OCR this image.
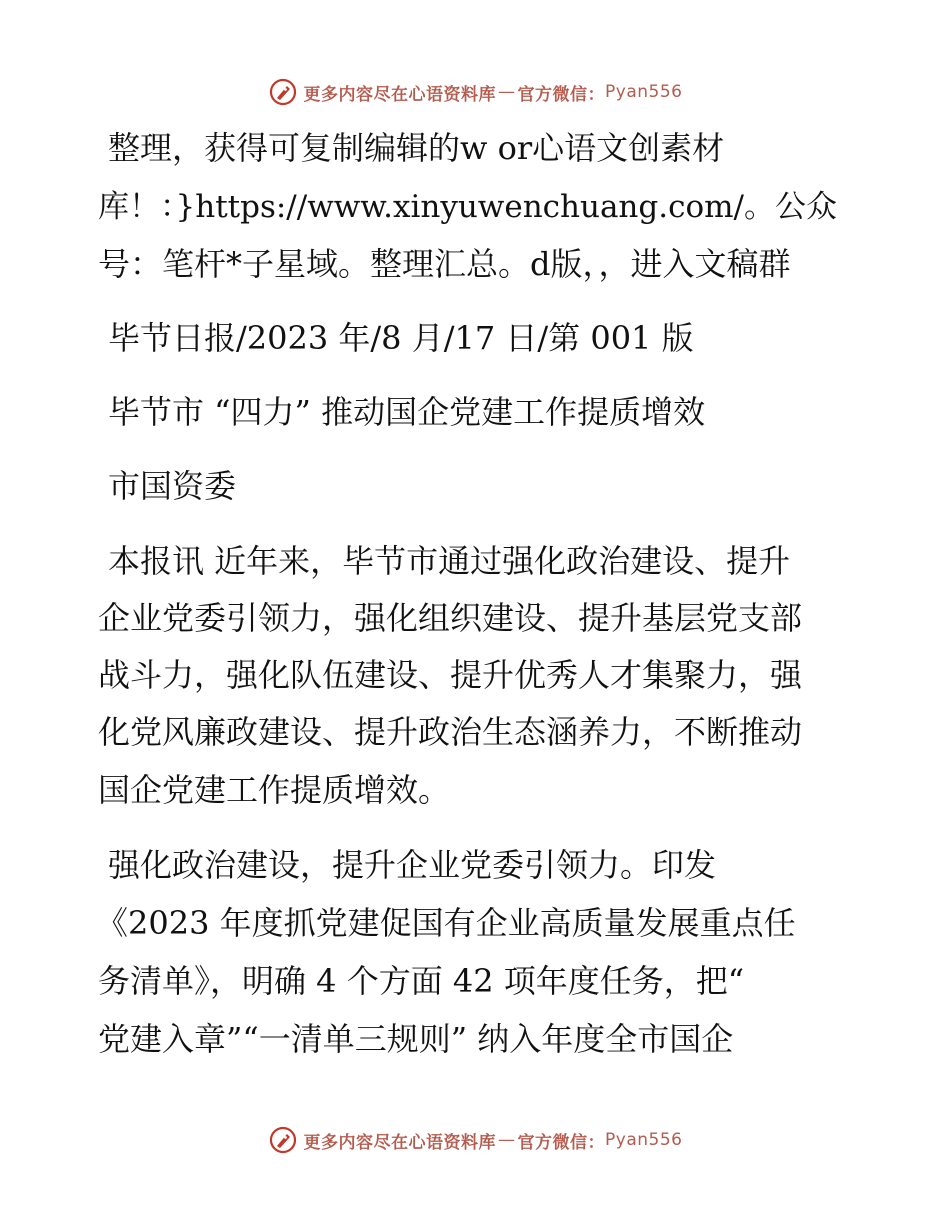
更多内容尽在心语资料库 — 官方微信： Pyan556
整理，获得可复制编辑的w or心语文创素材
库！：}https://www.xinyuwenchuang.com/。公众
号：笔杆*子星域。整理汇总。d版，，进入文稿群
毕节日报/2023 年/8 月/17 日/第 001 版
毕节市 “四力” 推动国企党建工作提质增效
市国资委
本报讯 近年来，毕节市通过强化政治建设、提升
企业党委引领力，强化组织建设、提升基层党支部
战斗力，强化队伍建设、提升优秀人才集聚力，强
化党风廉政建设、提升政治生态涵养力，不断推动
国企党建工作提质增效。
强化政治建设，提升企业党委引领力。印发
《2023 年度抓党建促国有企业高质量发展重点任
务清单》，明确 4 个方面 42 项年度任务，把“
党建入章”“一清单三规则” 纳入年度全市国企
更多内容尽在心语资料库 — 官方微信： Pyan556
